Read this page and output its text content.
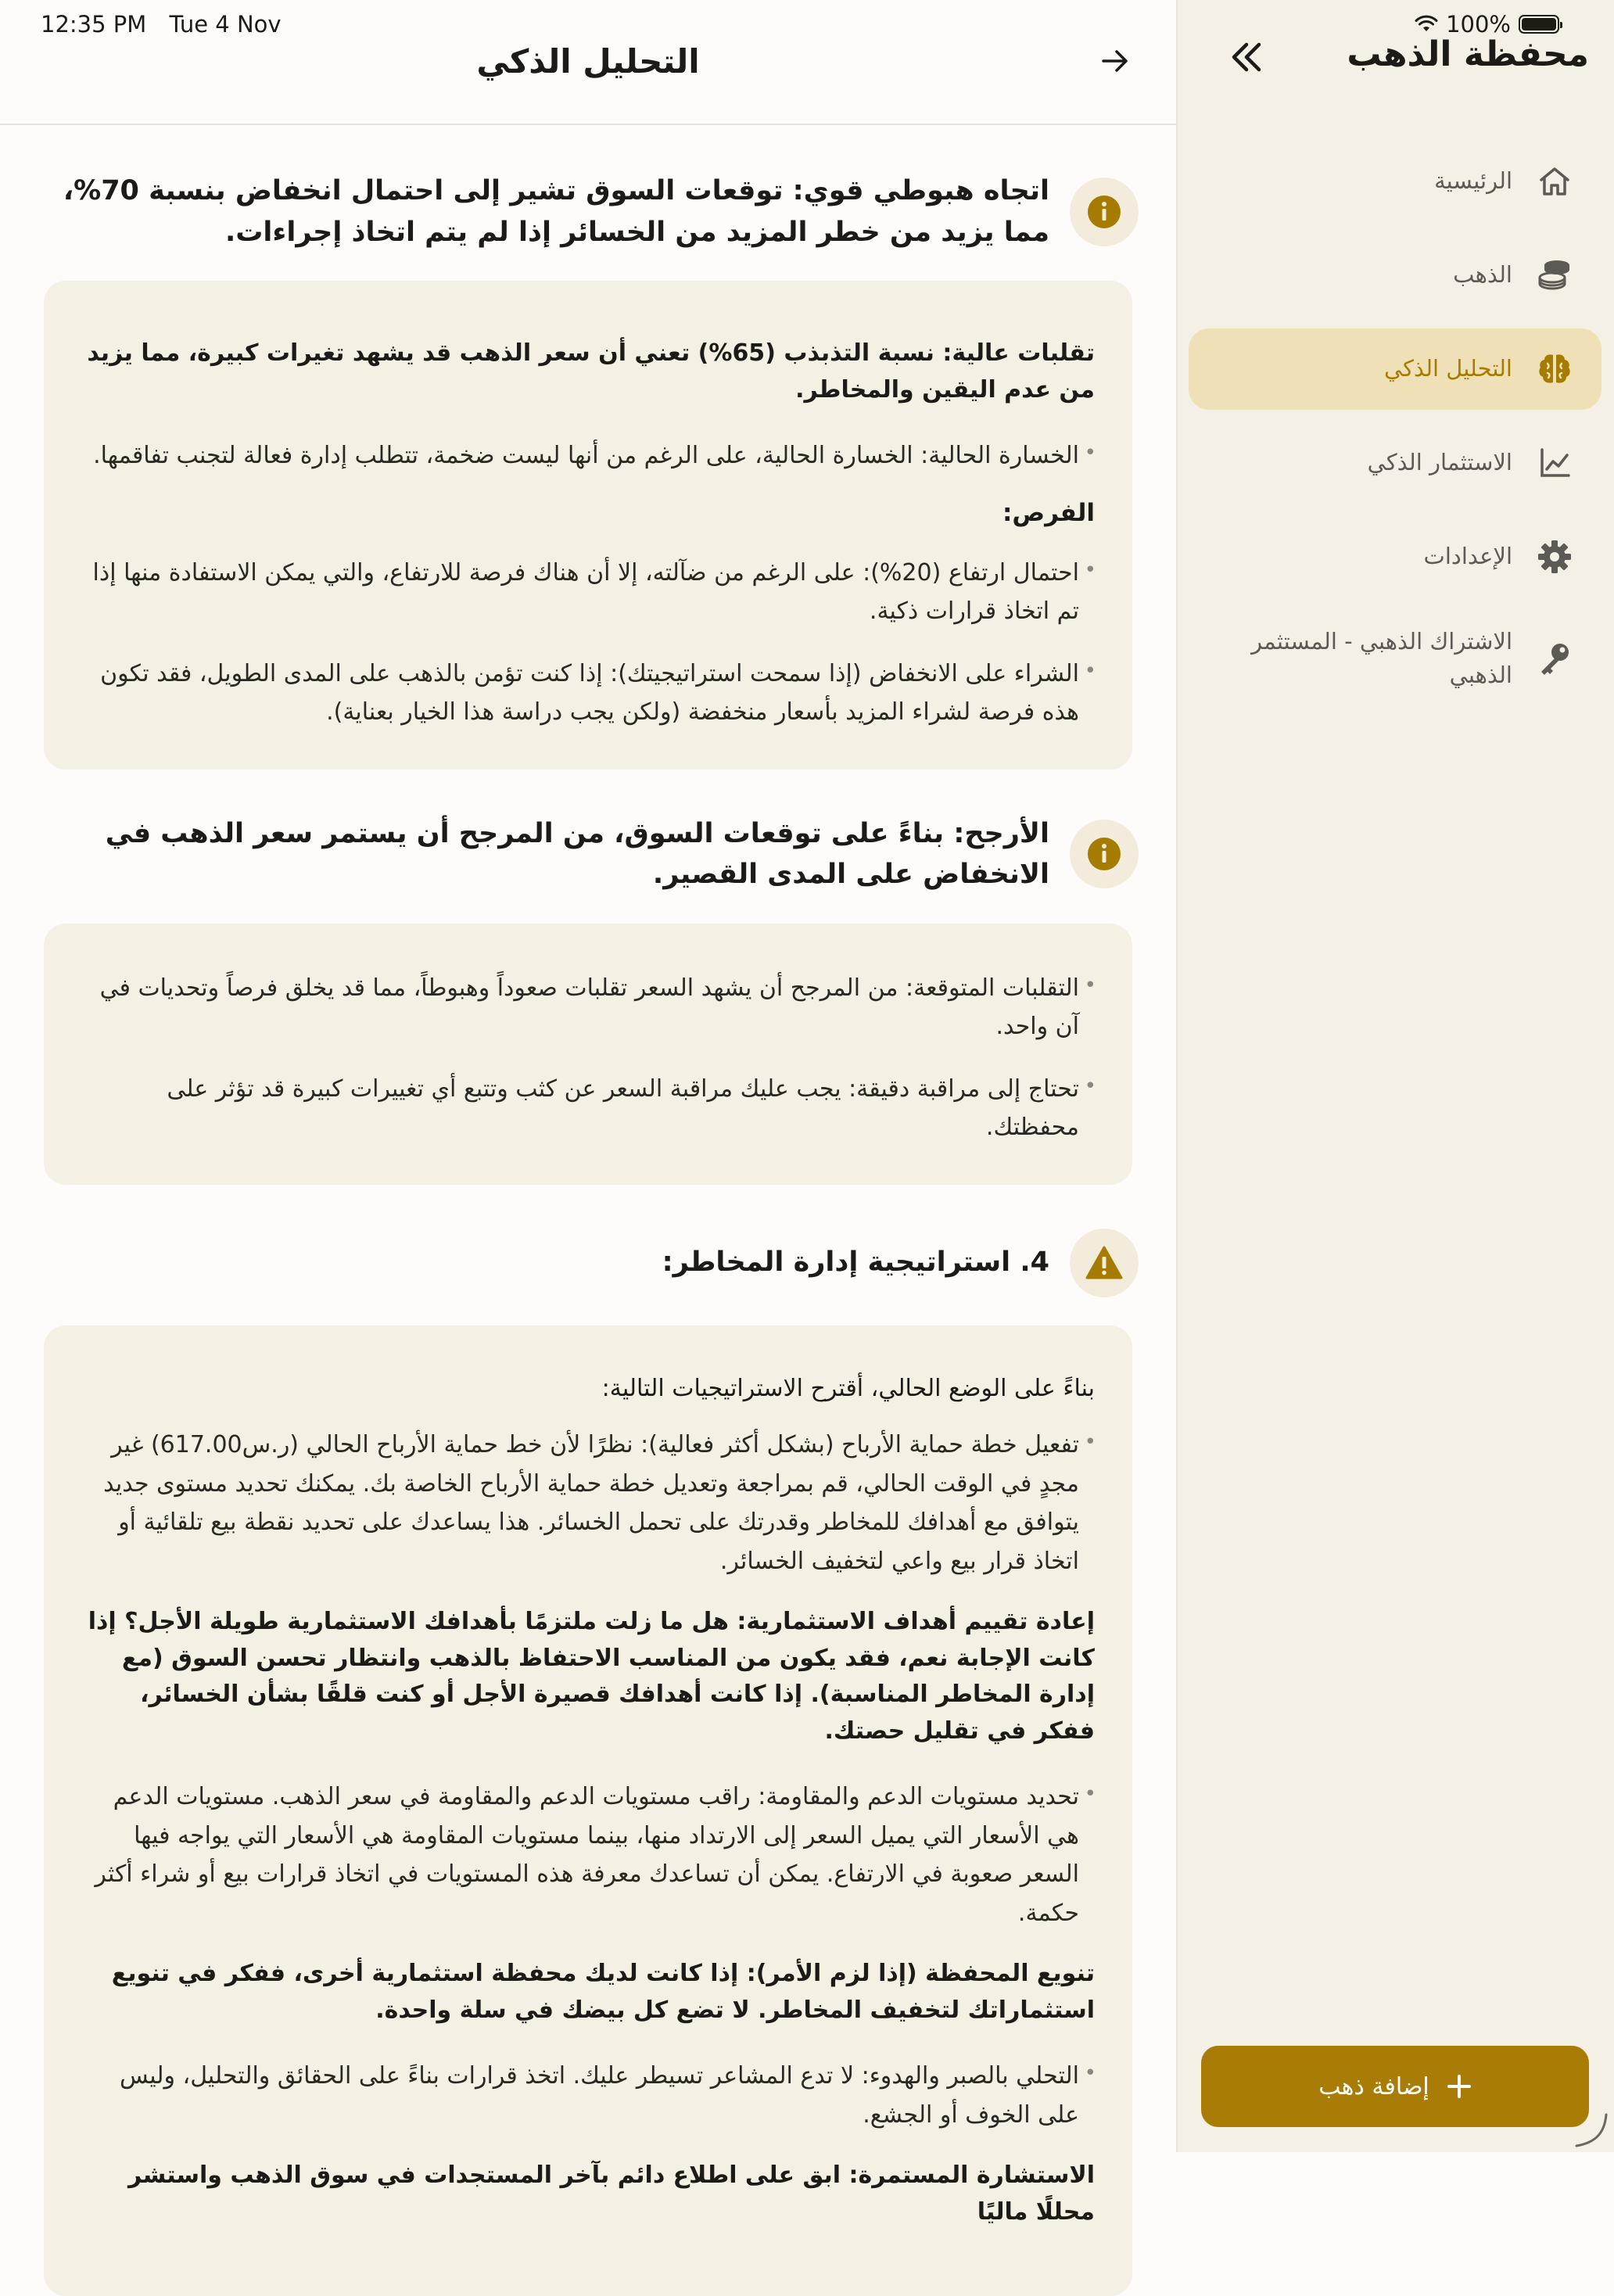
100%
محفظة الذهب
الرئيسية
الذهب
التحليل الذكي
الاستثمار الذكي
الإعدادات
الاشتراك الذهبي - المستثمر الذهبي
إضافة ذهب
12:35 PM Tue 4 Nov
التحليل الذكي
اتجاه هبوطي قوي: توقعات السوق تشير إلى احتمال انخفاض بنسبة 70%، مما يزيد من خطر المزيد من الخسائر إذا لم يتم اتخاذ إجراءات.

تقلبات عالية: نسبة التذبذب (65%) تعني أن سعر الذهب قد يشهد تغيرات كبيرة، مما يزيد من عدم اليقين والمخاطر.

• الخسارة الحالية: الخسارة الحالية، على الرغم من أنها ليست ضخمة، تتطلب إدارة فعالة لتجنب تفاقمها.

الفرص:

• احتمال ارتفاع (20%): على الرغم من ضآلته، إلا أن هناك فرصة للارتفاع، والتي يمكن الاستفادة منها إذا تم اتخاذ قرارات ذكية.
• الشراء على الانخفاض (إذا سمحت استراتيجيتك): إذا كنت تؤمن بالذهب على المدى الطويل، فقد تكون هذه فرصة لشراء المزيد بأسعار منخفضة (ولكن يجب دراسة هذا الخيار بعناية).
الأرجح: بناءً على توقعات السوق، من المرجح أن يستمر سعر الذهب في الانخفاض على المدى القصير.
• التقلبات المتوقعة: من المرجح أن يشهد السعر تقلبات صعوداً وهبوطاً، مما قد يخلق فرصاً وتحديات في آن واحد.
• تحتاج إلى مراقبة دقيقة: يجب عليك مراقبة السعر عن كثب وتتبع أي تغييرات كبيرة قد تؤثر على محفظتك.
4. استراتيجية إدارة المخاطر:

بناءً على الوضع الحالي، أقترح الاستراتيجيات التالية:

• تفعيل خطة حماية الأرباح (بشكل أكثر فعالية): نظرًا لأن خط حماية الأرباح الحالي (ر.س617.00) غير مجدٍ في الوقت الحالي، قم بمراجعة وتعديل خطة حماية الأرباح الخاصة بك. يمكنك تحديد مستوى جديد يتوافق مع أهدافك للمخاطر وقدرتك على تحمل الخسائر. هذا يساعدك على تحديد نقطة بيع تلقائية أو اتخاذ قرار بيع واعي لتخفيف الخسائر.

إعادة تقييم أهداف الاستثمارية: هل ما زلت ملتزمًا بأهدافك الاستثمارية طويلة الأجل؟ إذا كانت الإجابة نعم، فقد يكون من المناسب الاحتفاظ بالذهب وانتظار تحسن السوق (مع إدارة المخاطر المناسبة). إذا كانت أهدافك قصيرة الأجل أو كنت قلقًا بشأن الخسائر، ففكر في تقليل حصتك.

• تحديد مستويات الدعم والمقاومة: راقب مستويات الدعم والمقاومة في سعر الذهب. مستويات الدعم هي الأسعار التي يميل السعر إلى الارتداد منها، بينما مستويات المقاومة هي الأسعار التي يواجه فيها السعر صعوبة في الارتفاع. يمكن أن تساعدك معرفة هذه المستويات في اتخاذ قرارات بيع أو شراء أكثر حكمة.

تنويع المحفظة (إذا لزم الأمر): إذا كانت لديك محفظة استثمارية أخرى، ففكر في تنويع استثماراتك لتخفيف المخاطر. لا تضع كل بيضك في سلة واحدة.

• التحلي بالصبر والهدوء: لا تدع المشاعر تسيطر عليك. اتخذ قرارات بناءً على الحقائق والتحليل، وليس على الخوف أو الجشع.

الاستشارة المستمرة: ابق على اطلاع دائم بآخر المستجدات في سوق الذهب واستشر محللًا ماليًا
